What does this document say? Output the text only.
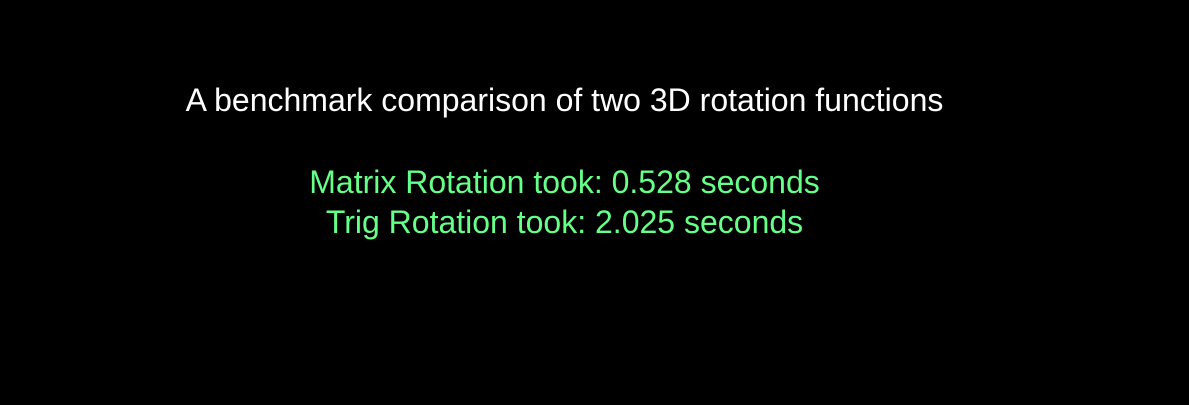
A benchmark comparison of two 3D rotation functions
Matrix Rotation took: 0.528 seconds
Trig Rotation took: 2.025 seconds
